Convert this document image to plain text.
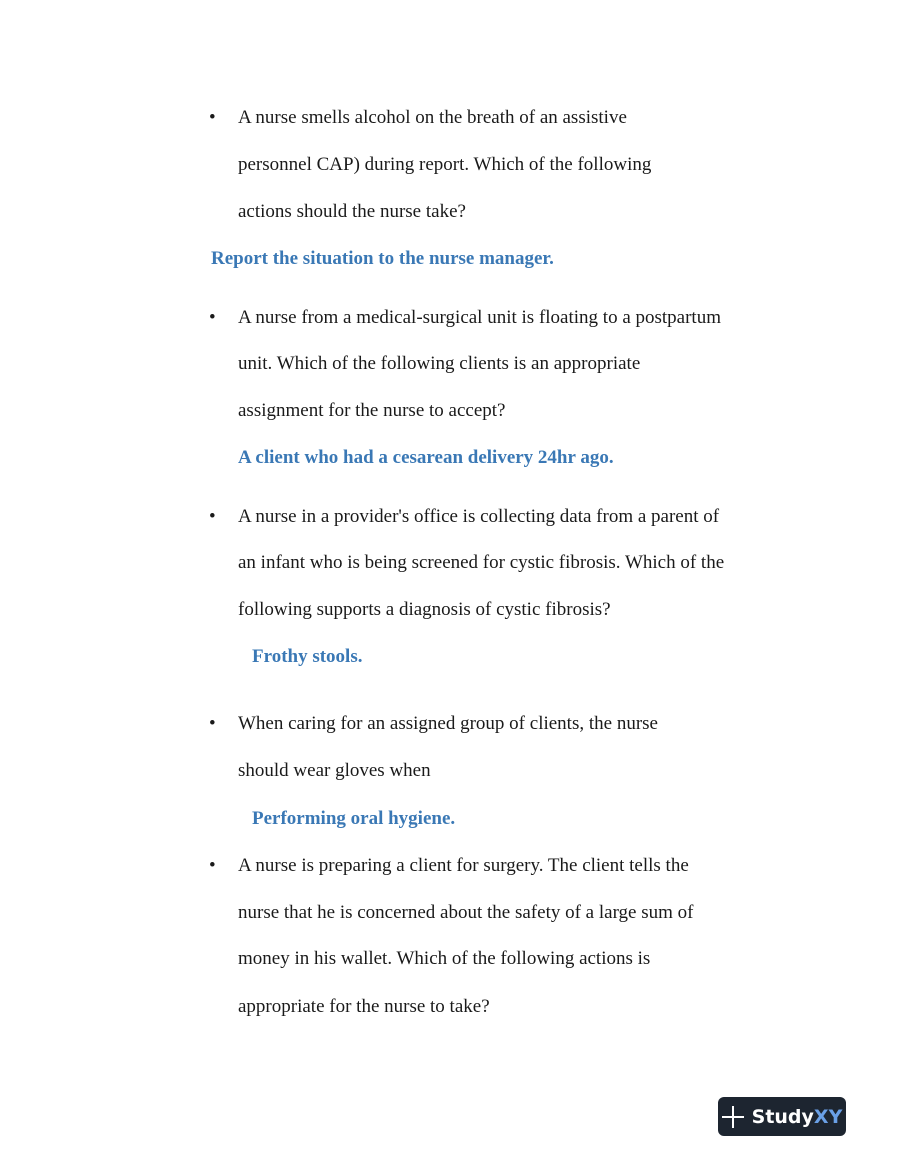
• A nurse smells alcohol on the breath of an assistive
personnel CAP) during report. Which of the following
actions should the nurse take?
Report the situation to the nurse manager.
• A nurse from a medical-surgical unit is floating to a postpartum
unit. Which of the following clients is an appropriate
assignment for the nurse to accept?
A client who had a cesarean delivery 24hr ago.
• A nurse in a provider's office is collecting data from a parent of
an infant who is being screened for cystic fibrosis. Which of the
following supports a diagnosis of cystic fibrosis?
Frothy stools.
• When caring for an assigned group of clients, the nurse
should wear gloves when
Performing oral hygiene.
• A nurse is preparing a client for surgery. The client tells the
nurse that he is concerned about the safety of a large sum of
money in his wallet. Which of the following actions is
appropriate for the nurse to take?
Study XY
